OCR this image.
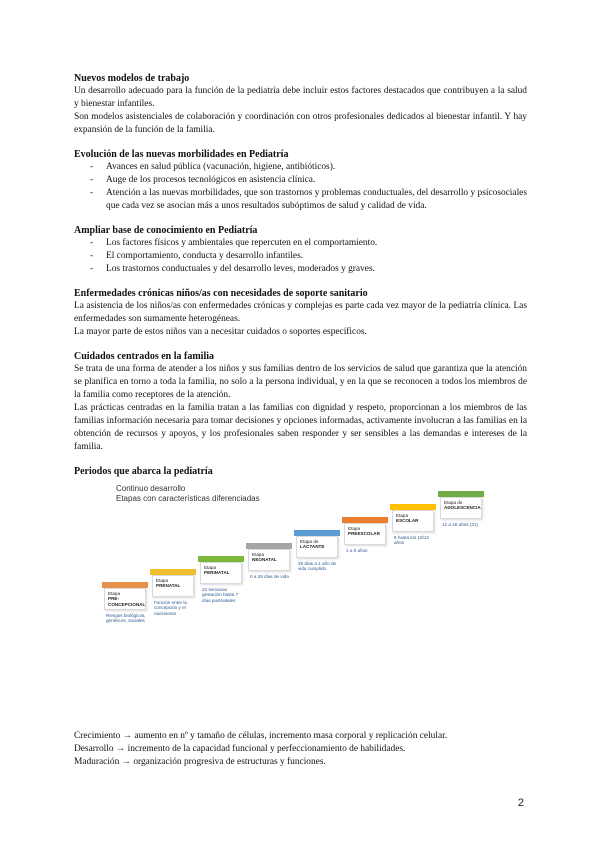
Nuevos modelos de trabajo

Un desarrollo adecuado para la función de la pediatría debe incluir estos factores destacados que contribuyen a la salud y bienestar infantiles.

Son modelos asistenciales de colaboración y coordinación con otros profesionales dedicados al bienestar infantil. Y hay expansión de la función de la familia.

Evolución de las nuevas morbilidades en Pediatría

- Avances en salud pública (vacunación, higiene, antibióticos).
- Auge de los procesos tecnológicos en asistencia clínica.
- Atención a las nuevas morbilidades, que son trastornos y problemas conductuales, del desarrollo y psicosociales que cada vez se asocian más a unos resultados subóptimos de salud y calidad de vida.

Ampliar base de conocimiento en Pediatría

- Los factores físicos y ambientales que repercuten en el comportamiento.
- El comportamiento, conducta y desarrollo infantiles.
- Los trastornos conductuales y del desarrollo leves, moderados y graves.

Enfermedades crónicas niños/as con necesidades de soporte sanitario

La asistencia de los niños/as con enfermedades crónicas y complejas es parte cada vez mayor de la pediatría clínica. Las enfermedades son sumamente heterogéneas.

La mayor parte de estos niños van a necesitar cuidados o soportes específicos.

Cuidados centrados en la familia

Se trata de una forma de atender a los niños y sus familias dentro de los servicios de salud que garantiza que la atención se planifica en torno a toda la familia, no solo a la persona individual, y en la que se reconocen a todos los miembros de la familia como receptores de la atención.

Las prácticas centradas en la familia tratan a las familias con dignidad y respeto, proporcionan a los miembros de las familias información necesaria para tomar decisiones y opciones informadas, activamente involucran a las familias en la obtención de recursos y apoyos, y los profesionales saben responder y ser sensibles a las demandas e intereses de la familia.

Periodos que abarca la pediatría

Continuo desarrollo
Etapas con características diferenciadas
Etapa
PRE-CONCEPCIONAL
Riesgos biológicos, genéticos, sociales
Etapa
PRENATAL
Función entre la concepción y el nacimiento
Etapa
PERINATAL
22 semanas gestación hasta 7 días postnatales
Etapa
NEONATAL
0 a 28 días de vida
Etapa de
LACTANTE
29 días a 1 año de vida cumplido
Etapa
PREESCOLAR
1 a 5 años
Etapa
ESCOLAR
6 hasta los 10/12 años
Etapa de
ADOLESCENCIA
12 a 18 años (21)

Crecimiento → aumento en nº y tamaño de células, incremento masa corporal y replicación celular.

Desarrollo → incremento de la capacidad funcional y perfeccionamiento de habilidades.

Maduración → organización progresiva de estructuras y funciones.

2
